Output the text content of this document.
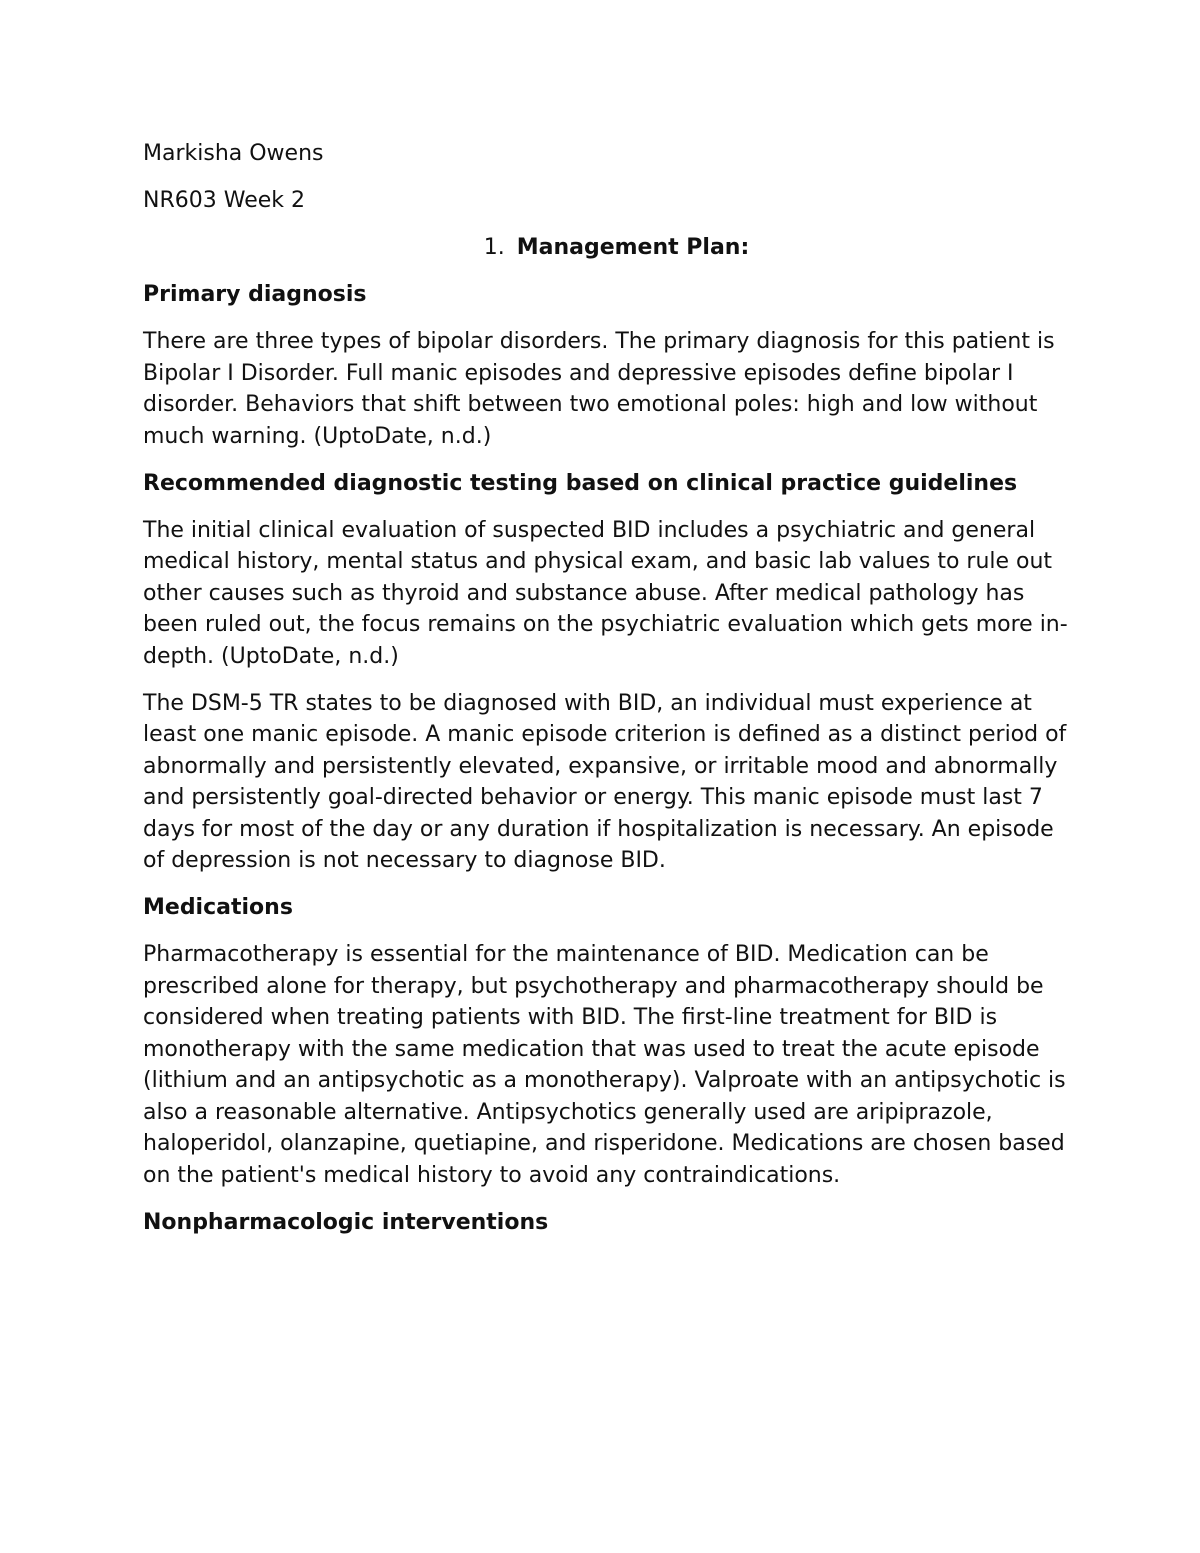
Markisha Owens

NR603 Week 2

1. Management Plan:

Primary diagnosis

There are three types of bipolar disorders. The primary diagnosis for this patient is Bipolar I Disorder. Full manic episodes and depressive episodes define bipolar I disorder. Behaviors that shift between two emotional poles: high and low without much warning. (UptoDate, n.d.)

Recommended diagnostic testing based on clinical practice guidelines

The initial clinical evaluation of suspected BID includes a psychiatric and general medical history, mental status and physical exam, and basic lab values to rule out other causes such as thyroid and substance abuse. After medical pathology has been ruled out, the focus remains on the psychiatric evaluation which gets more in-depth. (UptoDate, n.d.)

The DSM-5 TR states to be diagnosed with BID, an individual must experience at least one manic episode. A manic episode criterion is defined as a distinct period of abnormally and persistently elevated, expansive, or irritable mood and abnormally and persistently goal-directed behavior or energy. This manic episode must last 7 days for most of the day or any duration if hospitalization is necessary. An episode of depression is not necessary to diagnose BID.

Medications

Pharmacotherapy is essential for the maintenance of BID. Medication can be prescribed alone for therapy, but psychotherapy and pharmacotherapy should be considered when treating patients with BID. The first-line treatment for BID is monotherapy with the same medication that was used to treat the acute episode (lithium and an antipsychotic as a monotherapy). Valproate with an antipsychotic is also a reasonable alternative. Antipsychotics generally used are aripiprazole, haloperidol, olanzapine, quetiapine, and risperidone. Medications are chosen based on the patient's medical history to avoid any contraindications.

Nonpharmacologic interventions
